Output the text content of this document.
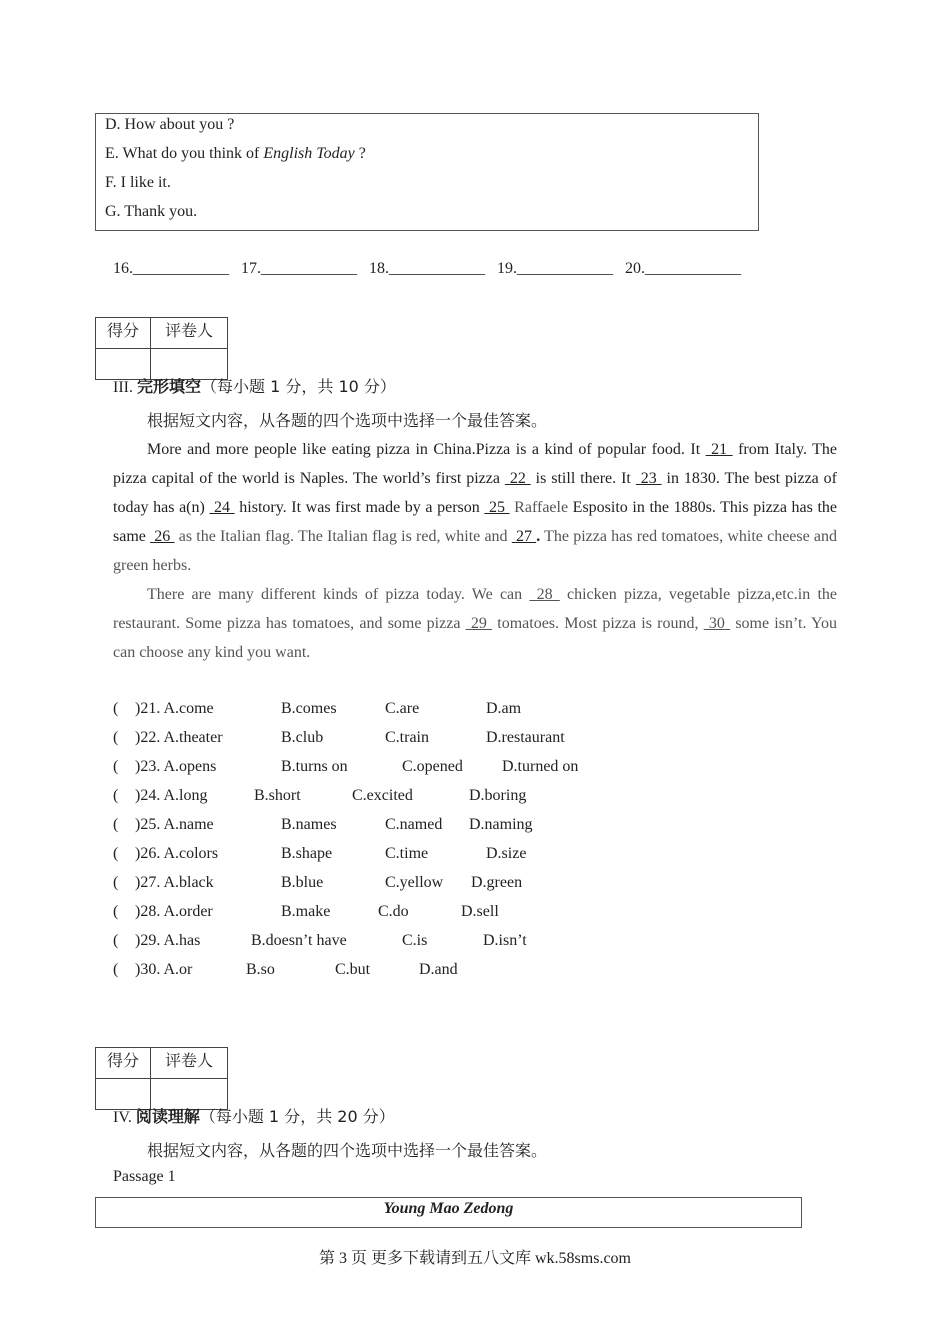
D. How about you ?
E. What do you think of English Today ?
F. I like it.
G. Thank you.
16.____________ 17.____________ 18.____________ 19.____________ 20.____________
得分	评卷人

III. 完形填空（每小题 1 分，共 10 分）
根据短文内容，从各题的四个选项中选择一个最佳答案。

More and more people like eating pizza in China.Pizza is a kind of popular food. It  21  from Italy. The pizza capital of the world is Naples. The world’s first pizza  22  is still there. It  23  in 1830. The best pizza of today has a(n)  24  history. It was first made by a person  25  Raffaele Esposito in the 1880s. This pizza has the same  26  as the Italian flag. The Italian flag is red, white and  27 . The pizza has red tomatoes, white cheese and green herbs.

There are many different kinds of pizza today. We can  28  chicken pizza, vegetable pizza,etc.in the restaurant. Some pizza has tomatoes, and some pizza  29  tomatoes. Most pizza is round,  30  some isn’t. You can choose any kind you want.

( )21. A.come	B.comes	C.are	D.am
( )22. A.theater	B.club	C.train	D.restaurant
( )23. A.opens	B.turns on	C.opened D.turned on
( )24. A.long	B.short	C.excited	D.boring
( )25. A.name	B.names	C.named D.naming
( )26. A.colors	B.shape	C.time	D.size
( )27. A.black	B.blue	C.yellow D.green
( )28. A.order	B.make	C.do	D.sell
( )29. A.has	B.doesn’t have	C.is	D.isn’t
( )30. A.or	B.so	C.but	D.and
得分	评卷人

IV. 阅读理解（每小题 1 分，共 20 分）
根据短文内容，从各题的四个选项中选择一个最佳答案。
Passage 1
Young Mao Zedong
第 3 页 更多下载请到五八文库 wk.58sms.com
